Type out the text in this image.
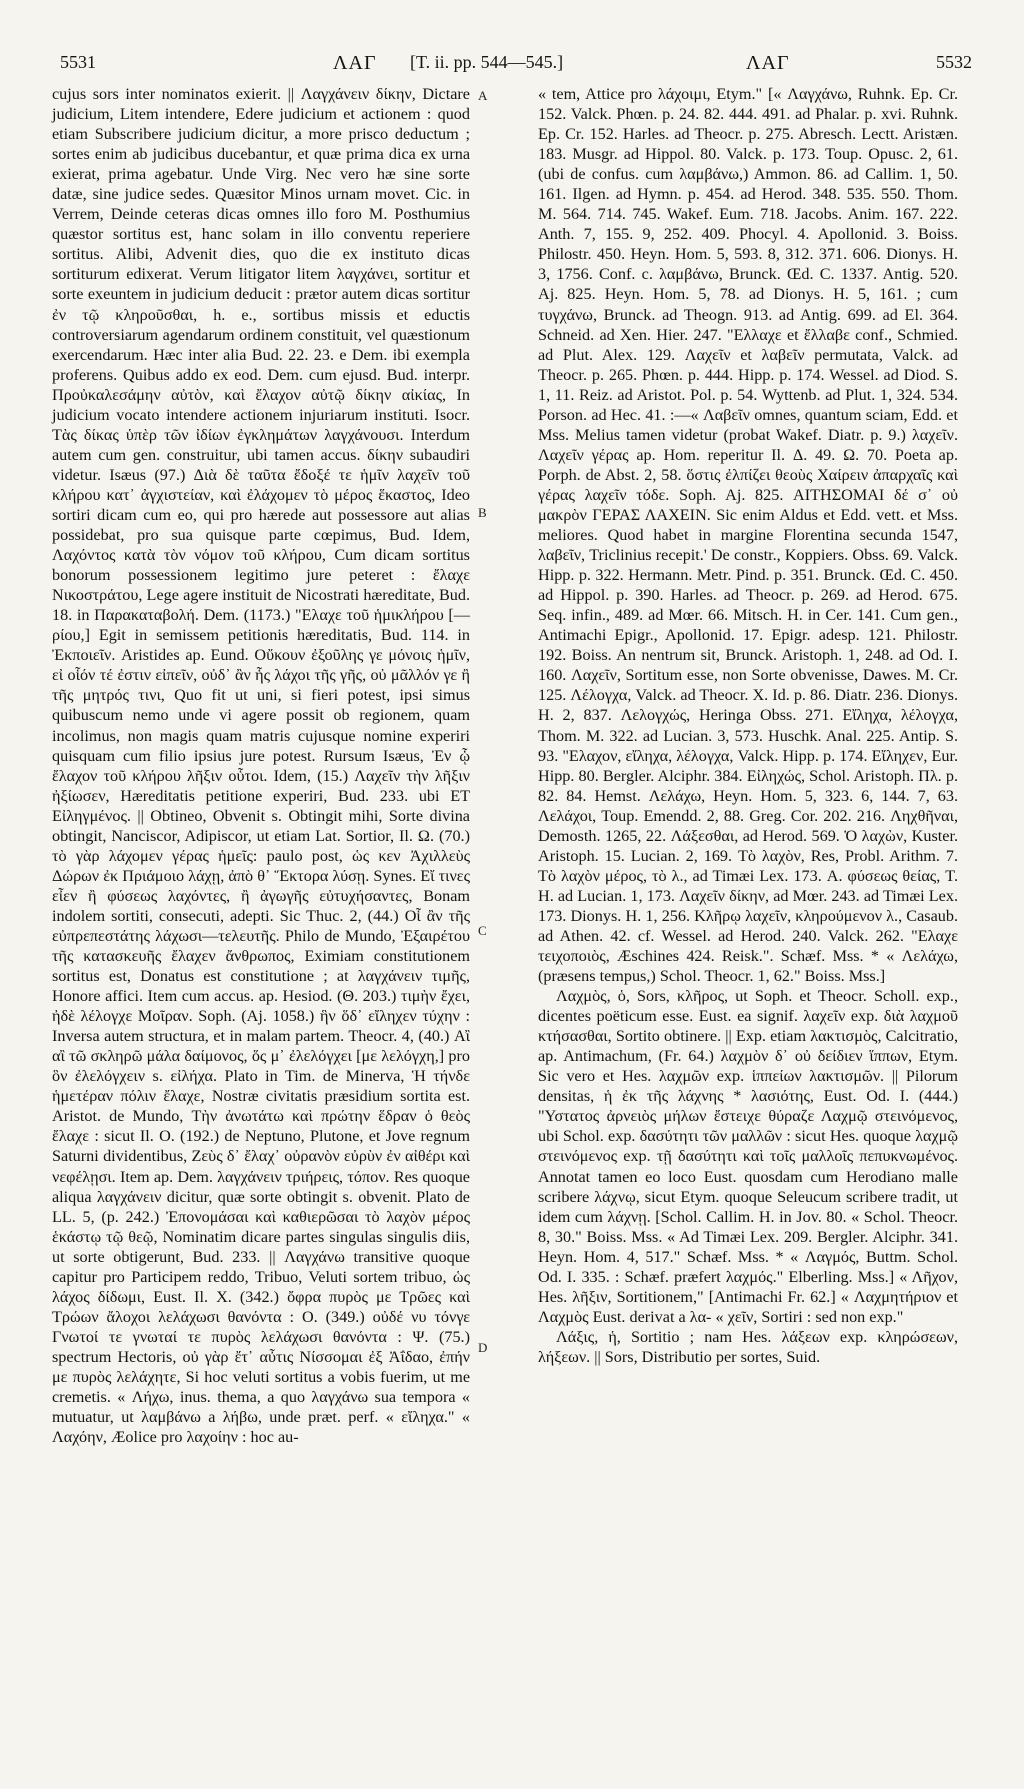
5531	ΛΑΓ [T. ii. pp. 544—545.]	ΛΑΓ	5532

cujus sors inter nominatos exierit. || Λαγχάνειν δίκην, Dictare judicium, Litem intendere, Edere judicium et actionem : quod etiam Subscribere judicium dicitur, a more prisco deductum ; sortes enim ab judicibus ducebantur, et quæ prima dica ex urna exierat, prima agebatur. Unde Virg. Nec vero hæ sine sorte datæ, sine judice sedes. Quæsitor Minos urnam movet. Cic. in Verrem, Deinde ceteras dicas omnes illo foro M. Posthumius quæstor sortitus est, hanc solam in illo conventu reperiere sortitus. Alibi, Advenit dies, quo die ex instituto dicas sortiturum edixerat. Verum litigator litem λαγχάνει, sortitur et sorte exeuntem in judicium deducit : prætor autem dicas sortitur ἐν τῷ κληροῦσθαι, h. e., sortibus missis et eductis controversiarum agendarum ordinem constituit, vel quæstionum exercendarum. Hæc inter alia Bud. 22. 23. e Dem. ibi exempla proferens. Quibus addo ex eod. Dem. cum ejusd. Bud. interpr. Προὐκαλεσάμην αὐτὸν, καὶ ἔλαχον αὐτῷ δίκην αἰκίας, In judicium vocato intendere actionem injuriarum instituti. Isocr. Τὰς δίκας ὑπὲρ τῶν ἰδίων ἐγκλημάτων λαγχάνουσι. Interdum autem cum gen. construitur, ubi tamen accus. δίκην subaudiri videtur. Isæus (97.) Διὰ δὲ ταῦτα ἔδοξέ τε ἡμῖν λαχεῖν τοῦ κλήρου κατ᾽ ἀγχιστείαν, καὶ ἐλάχομεν τὸ μέρος ἕκαστος, Ideo sortiri dicam cum eo, qui pro hærede aut possessore aut alias possidebat, pro sua quisque parte cœpimus, Bud. Idem, Λαχόντος κατὰ τὸν νόμον τοῦ κλήρου, Cum dicam sortitus bonorum possessionem legitimo jure peteret : ἔλαχε Νικοστράτου, Lege agere instituit de Nicostrati hæreditate, Bud. 18. in Παρακαταβολή. Dem. (1173.) "Ελαχε τοῦ ἡμικλήρου [—ρίου,] Egit in semissem petitionis hæreditatis, Bud. 114. in Ἐκποιεῖν. Aristides ap. Eund. Οὔκουν ἐξοῦλης γε μόνοις ἡμῖν, εἰ οἷόν τέ ἐστιν εἰπεῖν, οὐδ᾽ ἂν ἧς λάχοι τῆς γῆς, οὐ μᾶλλόν γε ἢ τῆς μητρός τινι, Quo fit ut uni, si fieri potest, ipsi simus quibuscum nemo unde vi agere possit ob regionem, quam incolimus, non magis quam matris cujusque nomine experiri quisquam cum filio ipsius jure potest. Rursum Isæus, Ἐν ᾧ ἔλαχον τοῦ κλήρου λῆξιν οὗτοι. Idem, (15.) Λαχεῖν τὴν λῆξιν ἠξίωσεν, Hæreditatis petitione experiri, Bud. 233. ubi ET Εἰληγμένος. || Obtineo, Obvenit s. Obtingit mihi, Sorte divina obtingit, Nanciscor, Adipiscor, ut etiam Lat. Sortior, Il. Ω. (70.) τὸ γὰρ λάχομεν γέρας ἡμεῖς: paulo post, ὡς κεν Ἀχιλλεὺς Δώρων ἐκ Πριάμοιο λάχῃ, ἀπὸ θ᾽ Ἕκτορα λύσῃ. Synes. Εἴ τινες εἶεν ἢ φύσεως λαχόντες, ἢ ἀγωγῆς εὐτυχήσαντες, Bonam indolem sortiti, consecuti, adepti. Sic Thuc. 2, (44.) Οἷ ἂν τῆς εὐπρεπεστάτης λάχωσι—τελευτῆς. Philo de Mundo, Ἐξαιρέτου τῆς κατασκευῆς ἔλαχεν ἄνθρωπος, Eximiam constitutionem sortitus est, Donatus est constitutione ; at λαγχάνειν τιμῆς, Honore affici. Item cum accus. ap. Hesiod. (Θ. 203.) τιμὴν ἔχει, ἠδὲ λέλογχε Μοῖραν. Soph. (Aj. 1058.) ἣν ὅδ᾽ εἴληχεν τύχην : Inversa autem structura, et in malam partem. Theocr. 4, (40.) Αἲ αἲ τῶ σκληρῶ μάλα δαίμονος, ὅς μ᾽ ἐλελόγχει [με λελόγχη,] pro ὃν ἐλελόγχειν s. εἰλήχα. Plato in Tim. de Minerva, Ἡ τήνδε ἡμετέραν πόλιν ἔλαχε, Nostræ civitatis præsidium sortita est. Aristot. de Mundo, Τὴν ἀνωτάτω καὶ πρώτην ἕδραν ὁ θεὸς ἔλαχε : sicut Il. O. (192.) de Neptuno, Plutone, et Jove regnum Saturni dividentibus, Ζεὺς δ᾽ ἔλαχ᾽ οὐρανὸν εὐρὺν ἐν αἰθέρι καὶ νεφέλῃσι. Item ap. Dem. λαγχάνειν τριήρεις, τόπον. Res quoque aliqua λαγχάνειν dicitur, quæ sorte obtingit s. obvenit. Plato de LL. 5, (p. 242.) Ἐπονομάσαι καὶ καθιερῶσαι τὸ λαχὸν μέρος ἑκάστῳ τῷ θεῷ, Nominatim dicare partes singulas singulis diis, ut sorte obtigerunt, Bud. 233. || Λαγχάνω transitive quoque capitur pro Participem reddo, Tribuo, Veluti sortem tribuo, ὡς λάχος δίδωμι, Eust. Il. X. (342.) ὄφρα πυρὸς με Τρῶες καὶ Τρώων ἄλοχοι λελάχωσι θανόντα : O. (349.) οὐδέ νυ τόνγε Γνωτοί τε γνωταί τε πυρὸς λελάχωσι θανόντα : Ψ. (75.) spectrum Hectoris, οὐ γὰρ ἔτ᾽ αὖτις Νίσσομαι ἐξ Ἀΐδαο, ἐπήν με πυρὸς λελάχητε, Si hoc veluti sortitus a vobis fuerim, ut me cremetis. « Λήχω, inus. thema, a quo λαγχάνω sua tempora « mutuatur, ut λαμβάνω a λήβω, unde præt. perf. « εἴληχα." « Λαχόην, Æolice pro λαχοίην : hoc au-

A
B
C
D

« tem, Attice pro λάχοιμι, Etym." [« Λαγχάνω, Ruhnk. Ep. Cr. 152. Valck. Phœn. p. 24. 82. 444. 491. ad Phalar. p. xvi. Ruhnk. Ep. Cr. 152. Harles. ad Theocr. p. 275. Abresch. Lectt. Aristæn. 183. Musgr. ad Hippol. 80. Valck. p. 173. Toup. Opusc. 2, 61. (ubi de confus. cum λαμβάνω,) Ammon. 86. ad Callim. 1, 50. 161. Ilgen. ad Hymn. p. 454. ad Herod. 348. 535. 550. Thom. M. 564. 714. 745. Wakef. Eum. 718. Jacobs. Anim. 167. 222. Anth. 7, 155. 9, 252. 409. Phocyl. 4. Apollonid. 3. Boiss. Philostr. 450. Heyn. Hom. 5, 593. 8, 312. 371. 606. Dionys. H. 3, 1756. Conf. c. λαμβάνω, Brunck. Œd. C. 1337. Antig. 520. Aj. 825. Heyn. Hom. 5, 78. ad Dionys. H. 5, 161. ; cum τυγχάνω, Brunck. ad Theogn. 913. ad Antig. 699. ad El. 364. Schneid. ad Xen. Hier. 247. "Ελλαχε et ἔλλαβε conf., Schmied. ad Plut. Alex. 129. Λαχεῖν et λαβεῖν permutata, Valck. ad Theocr. p. 265. Phœn. p. 444. Hipp. p. 174. Wessel. ad Diod. S. 1, 11. Reiz. ad Aristot. Pol. p. 54. Wyttenb. ad Plut. 1, 324. 534. Porson. ad Hec. 41. :—« Λαβεῖν omnes, quantum sciam, Edd. et Mss. Melius tamen videtur (probat Wakef. Diatr. p. 9.) λαχεῖν. Λαχεῖν γέρας ap. Hom. reperitur Il. Δ. 49. Ω. 70. Poeta ap. Porph. de Abst. 2, 58. ὅστις ἐλπίζει θεοὺς Χαίρειν ἀπαρχαῖς καὶ γέρας λαχεῖν τόδε. Soph. Aj. 825. ΑΙΤΗΣΟΜΑΙ δέ σ᾽ οὐ μακρὸν ΓΕΡΑΣ ΛΑΧΕΙΝ. Sic enim Aldus et Edd. vett. et Mss. meliores. Quod habet in margine Florentina secunda 1547, λαβεῖν, Triclinius recepit.' De constr., Koppiers. Obss. 69. Valck. Hipp. p. 322. Hermann. Metr. Pind. p. 351. Brunck. Œd. C. 450. ad Hippol. p. 390. Harles. ad Theocr. p. 269. ad Herod. 675. Seq. infin., 489. ad Mœr. 66. Mitsch. H. in Cer. 141. Cum gen., Antimachi Epigr., Apollonid. 17. Epigr. adesp. 121. Philostr. 192. Boiss. An nentrum sit, Brunck. Aristoph. 1, 248. ad Od. I. 160. Λαχεῖν, Sortitum esse, non Sorte obvenisse, Dawes. M. Cr. 125. Λέλογχα, Valck. ad Theocr. X. Id. p. 86. Diatr. 236. Dionys. H. 2, 837. Λελογχώς, Heringa Obss. 271. Εἴληχα, λέλογχα, Thom. M. 322. ad Lucian. 3, 573. Huschk. Anal. 225. Antip. S. 93. "Ελαχον, εἴληχα, λέλογχα, Valck. Hipp. p. 174. Εἴληχεν, Eur. Hipp. 80. Bergler. Alciphr. 384. Εἰληχώς, Schol. Aristoph. Πλ. p. 82. 84. Hemst. Λελάχω, Heyn. Hom. 5, 323. 6, 144. 7, 63. Λελάχοι, Toup. Emendd. 2, 88. Greg. Cor. 202. 216. Ληχθῆναι, Demosth. 1265, 22. Λάξεσθαι, ad Herod. 569. Ὁ λαχὼν, Kuster. Aristoph. 15. Lucian. 2, 169. Τὸ λαχὸν, Res, Probl. Arithm. 7. Τὸ λαχὸν μέρος, τὸ λ., ad Timæi Lex. 173. Α. φύσεως θείας, T. H. ad Lucian. 1, 173. Λαχεῖν δίκην, ad Mœr. 243. ad Timæi Lex. 173. Dionys. H. 1, 256. Κλῆρῳ λαχεῖν, κληρούμενον λ., Casaub. ad Athen. 42. cf. Wessel. ad Herod. 240. Valck. 262. "Ελαχε τειχοποιὸς, Æschines 424. Reisk.". Schæf. Mss. * « Λελάχω, (præsens tempus,) Schol. Theocr. 1, 62." Boiss. Mss.]

Λαχμὸς, ὁ, Sors, κλῆρος, ut Soph. et Theocr. Scholl. exp., dicentes poëticum esse. Eust. ea signif. λαχεῖν exp. διὰ λαχμοῦ κτήσασθαι, Sortito obtinere. || Exp. etiam λακτισμὸς, Calcitratio, ap. Antimachum, (Fr. 64.) λαχμὸν δ᾽ οὐ δείδιεν ἵππων, Etym. Sic vero et Hes. λαχμῶν exp. ἱππείων λακτισμῶν. || Pilorum densitas, ἡ ἐκ τῆς λάχνης * λασιότης, Eust. Od. I. (444.) "Υστατος ἀρνειὸς μήλων ἔστειχε θύραζε Λαχμῷ στεινόμενος, ubi Schol. exp. δασύτητι τῶν μαλλῶν : sicut Hes. quoque λαχμῷ στεινόμενος exp. τῇ δασύτητι καὶ τοῖς μαλλοῖς πεπυκνωμένος. Annotat tamen eo loco Eust. quosdam cum Herodiano malle scribere λάχνῳ, sicut Etym. quoque Seleucum scribere tradit, ut idem cum λάχνῃ. [Schol. Callim. H. in Jov. 80. « Schol. Theocr. 8, 30." Boiss. Mss. « Ad Timæi Lex. 209. Bergler. Alciphr. 341. Heyn. Hom. 4, 517." Schæf. Mss. * « Λαγμός, Buttm. Schol. Od. I. 335. : Schæf. præfert λαχμός." Elberling. Mss.] « Λῆχον, Hes. λῆξιν, Sortitionem," [Antimachi Fr. 62.] « Λαχμητήριον et Λαχμὸς Eust. derivat a λα- « χεῖν, Sortiri : sed non exp."

Λάξις, ἡ, Sortitio ; nam Hes. λάξεων exp. κληρώσεων, λήξεων. || Sors, Distributio per sortes, Suid.
